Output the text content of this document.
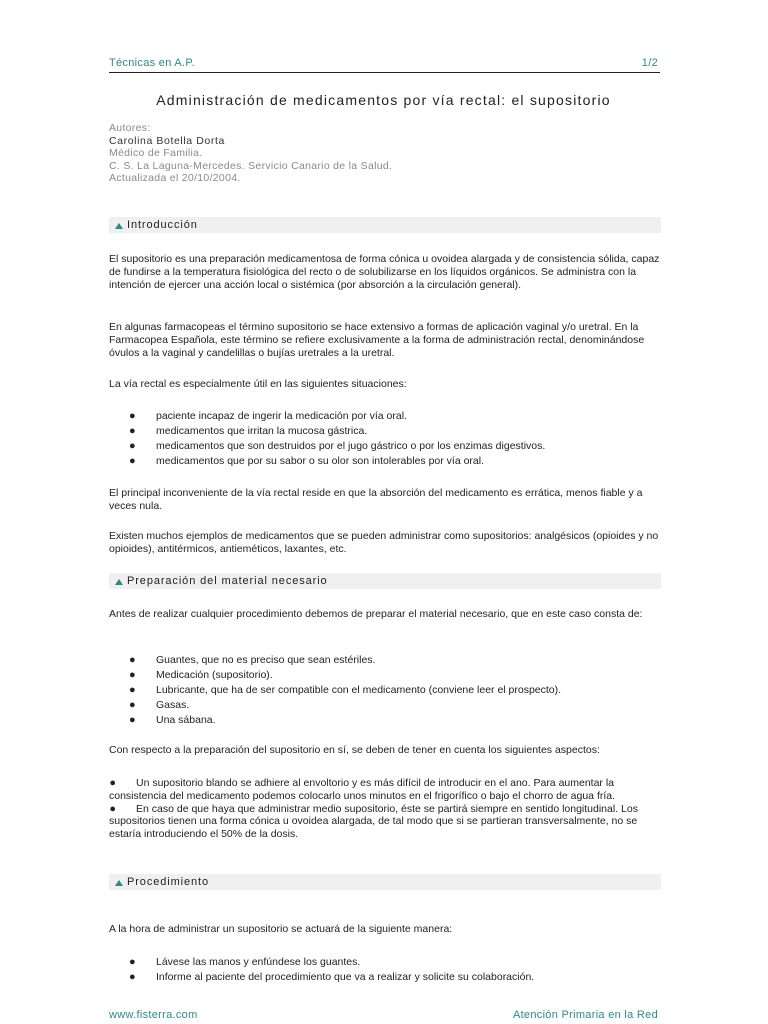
Técnicas en A.P.	1/2
Administración de medicamentos por vía rectal: el supositorio
Autores:
Carolina Botella Dorta
Médico de Familia.
C. S. La Laguna-Mercedes. Servicio Canario de la Salud.
Actualizada el 20/10/2004.
Introducción

El supositorio es una preparación medicamentosa de forma cónica u ovoidea alargada y de consistencia sólida, capaz de fundirse a la temperatura fisiológica del recto o de solubilizarse en los líquidos orgánicos. Se administra con la intención de ejercer una acción local o sistémica (por absorción a la circulación general).

En algunas farmacopeas el término supositorio se hace extensivo a formas de aplicación vaginal y/o uretral. En la Farmacopea Española, este término se refiere exclusivamente a la forma de administración rectal, denominándose óvulos a la vaginal y candelillas o bujías uretrales a la uretral.

La vía rectal es especialmente útil en las siguientes situaciones:

● paciente incapaz de ingerir la medicación por vía oral.
● medicamentos que irritan la mucosa gástrica.
● medicamentos que son destruidos por el jugo gástrico o por los enzimas digestivos.
● medicamentos que por su sabor o su olor son intolerables por vía oral.

El principal inconveniente de la vía rectal reside en que la absorción del medicamento es errática, menos fiable y a veces nula.

Existen muchos ejemplos de medicamentos que se pueden administrar como supositorios: analgésicos (opioides y no opioides), antitérmicos, antieméticos, laxantes, etc.

Preparación del material necesario

Antes de realizar cualquier procedimiento debemos de preparar el material necesario, que en este caso consta de:

● Guantes, que no es preciso que sean estériles.
● Medicación (supositorio).
● Lubricante, que ha de ser compatible con el medicamento (conviene leer el prospecto).
● Gasas.
● Una sábana.

Con respecto a la preparación del supositorio en sí, se deben de tener en cuenta los siguientes aspectos:

● Un supositorio blando se adhiere al envoltorio y es más difícil de introducir en el ano. Para aumentar la consistencia del medicamento podemos colocarlo unos minutos en el frigorífico o bajo el chorro de agua fría.
● En caso de que haya que administrar medio supositorio, éste se partirá siempre en sentido longitudinal. Los supositorios tienen una forma cónica u ovoidea alargada, de tal modo que si se partieran transversalmente, no se estaría introduciendo el 50% de la dosis.
Procedimiento

A la hora de administrar un supositorio se actuará de la siguiente manera:

● Lávese las manos y enfúndese los guantes.
● Informe al paciente del procedimiento que va a realizar y solicite su colaboración.
www.fisterra.com	Atención Primaria en la Red
